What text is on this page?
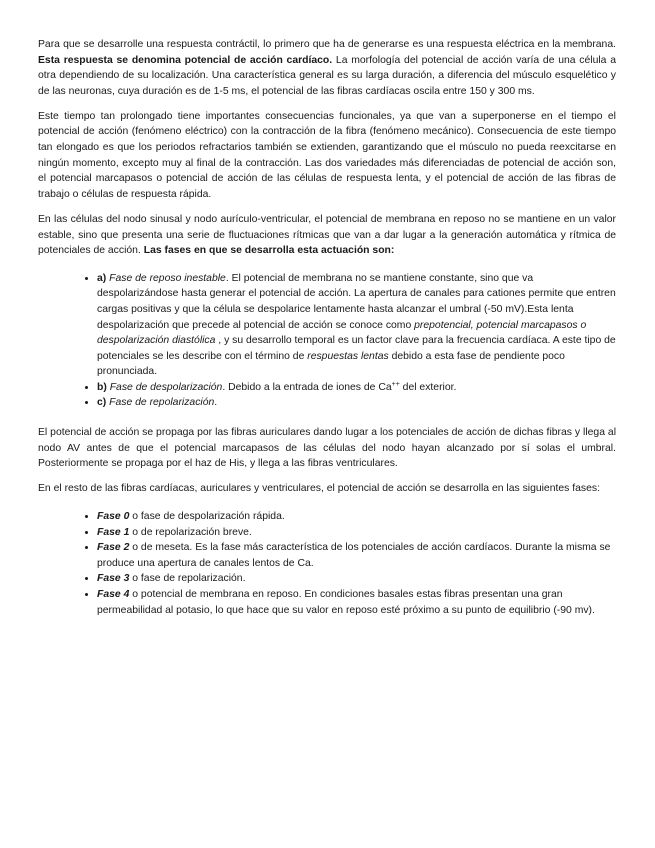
Para que se desarrolle una respuesta contráctil, lo primero que ha de generarse es una respuesta eléctrica en la membrana. Esta respuesta se denomina potencial de acción cardíaco. La morfología del potencial de acción varía de una célula a otra dependiendo de su localización. Una característica general es su larga duración, a diferencia del músculo esquelético y de las neuronas, cuya duración es de 1-5 ms, el potencial de las fibras cardíacas oscila entre 150 y 300 ms.

Este tiempo tan prolongado tiene importantes consecuencias funcionales, ya que van a superponerse en el tiempo el potencial de acción (fenómeno eléctrico) con la contracción de la fibra (fenómeno mecánico). Consecuencia de este tiempo tan elongado es que los periodos refractarios también se extienden, garantizando que el músculo no pueda reexcitarse en ningún momento, excepto muy al final de la contracción. Las dos variedades más diferenciadas de potencial de acción son, el potencial marcapasos o potencial de acción de las células de respuesta lenta, y el potencial de acción de las fibras de trabajo o células de respuesta rápida.

En las células del nodo sinusal y nodo aurículo-ventricular, el potencial de membrana en reposo no se mantiene en un valor estable, sino que presenta una serie de fluctuaciones rítmicas que van a dar lugar a la generación automática y rítmica de potenciales de acción. Las fases en que se desarrolla esta actuación son:

• a) Fase de reposo inestable. El potencial de membrana no se mantiene constante, sino que va despolarizándose hasta generar el potencial de acción. La apertura de canales para cationes permite que entren cargas positivas y que la célula se despolarice lentamente hasta alcanzar el umbral (-50 mV).Esta lenta despolarización que precede al potencial de acción se conoce como prepotencial, potencial marcapasos o despolarización diastólica , y su desarrollo temporal es un factor clave para la frecuencia cardíaca. A este tipo de potenciales se les describe con el término de respuestas lentas debido a esta fase de pendiente poco pronunciada.
• b) Fase de despolarización. Debido a la entrada de iones de Ca++ del exterior.
• c) Fase de repolarización.

El potencial de acción se propaga por las fibras auriculares dando lugar a los potenciales de acción de dichas fibras y llega al nodo AV antes de que el potencial marcapasos de las células del nodo hayan alcanzado por sí solas el umbral. Posteriormente se propaga por el haz de His, y llega a las fibras ventriculares.

En el resto de las fibras cardíacas, auriculares y ventriculares, el potencial de acción se desarrolla en las siguientes fases:

• Fase 0 o fase de despolarización rápida.
• Fase 1 o de repolarización breve.
• Fase 2 o de meseta. Es la fase más característica de los potenciales de acción cardíacos. Durante la misma se produce una apertura de canales lentos de Ca.
• Fase 3 o fase de repolarización.
• Fase 4 o potencial de membrana en reposo. En condiciones basales estas fibras presentan una gran permeabilidad al potasio, lo que hace que su valor en reposo esté próximo a su punto de equilibrio (-90 mv).
